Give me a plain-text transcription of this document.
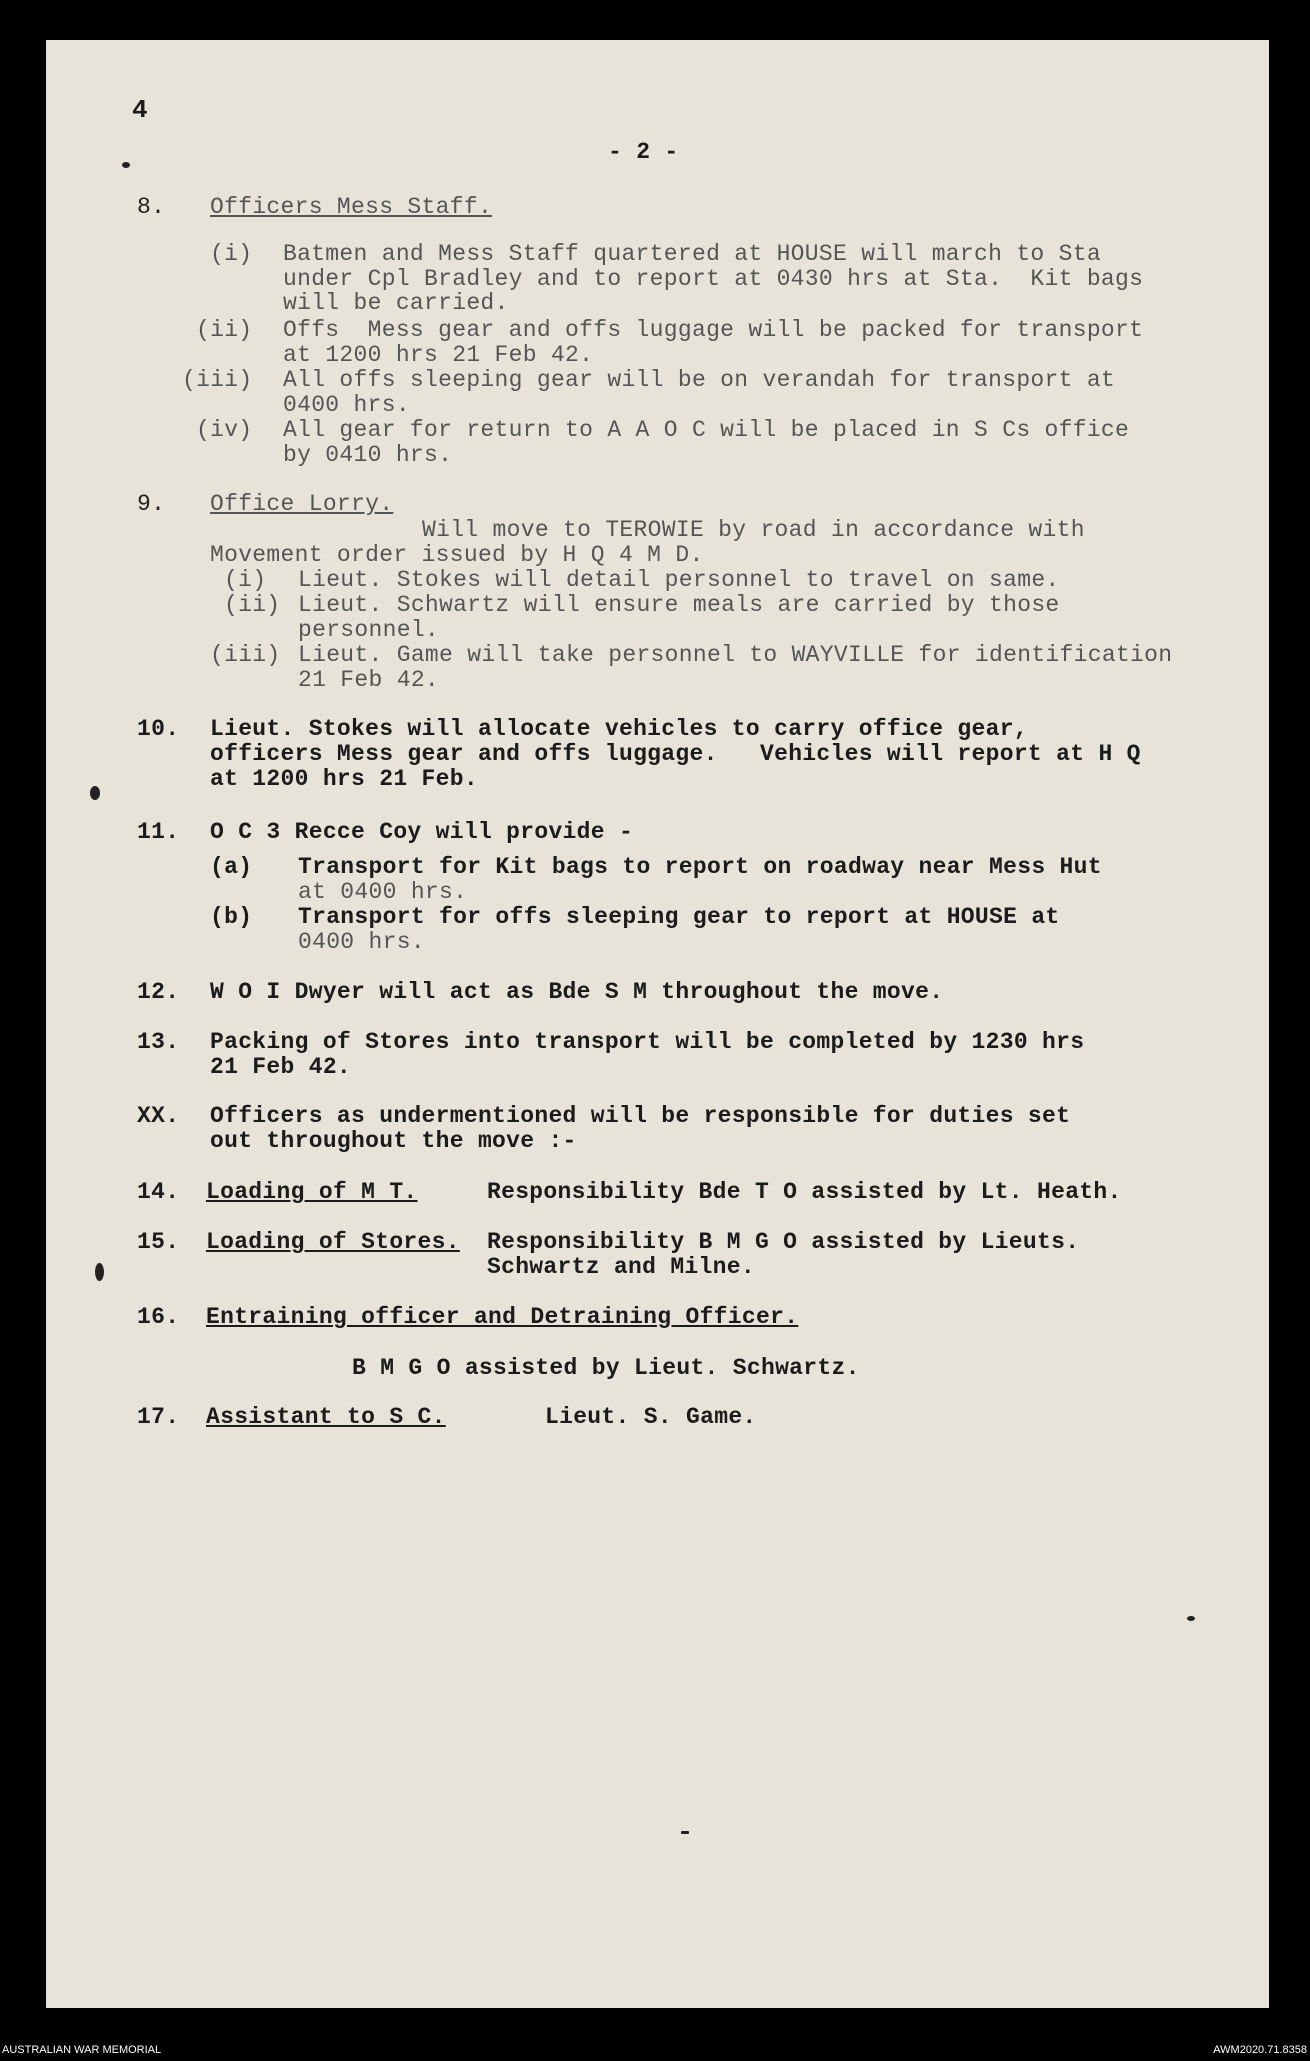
4
- 2 -
8. Officers Mess Staff.
(i) Batmen and Mess Staff quartered at HOUSE will march to Sta
under Cpl Bradley and to report at 0430 hrs at Sta.  Kit bags
will be carried.
(ii) Offs  Mess gear and offs luggage will be packed for transport
at 1200 hrs 21 Feb 42.
(iii) All offs sleeping gear will be on verandah for transport at
0400 hrs.
(iv) All gear for return to A A O C will be placed in S Cs office
by 0410 hrs.
9. Office Lorry.
Will move to TEROWIE by road in accordance with
Movement order issued by H Q 4 M D.
(i) Lieut. Stokes will detail personnel to travel on same.
(ii) Lieut. Schwartz will ensure meals are carried by those
personnel.
(iii) Lieut. Game will take personnel to WAYVILLE for identification
21 Feb 42.
10. Lieut. Stokes will allocate vehicles to carry office gear,
officers Mess gear and offs luggage.   Vehicles will report at H Q
at 1200 hrs 21 Feb.
11. O C 3 Recce Coy will provide -
(a) Transport for Kit bags to report on roadway near Mess Hut
at 0400 hrs.
(b) Transport for offs sleeping gear to report at HOUSE at
0400 hrs.
12. W O I Dwyer will act as Bde S M throughout the move.
13. Packing of Stores into transport will be completed by 1230 hrs
21 Feb 42.
XX. Officers as undermentioned will be responsible for duties set
out throughout the move :-
14. Loading of M T.	Responsibility Bde T O assisted by Lt. Heath.
15. Loading of Stores. Responsibility B M G O assisted by Lieuts.
Schwartz and Milne.
16. Entraining officer and Detraining Officer.
B M G O assisted by Lieut. Schwartz.
17. Assistant to S C.	Lieut. S. Game.
AUSTRALIAN WAR MEMORIAL	AWM2020.71.8358
